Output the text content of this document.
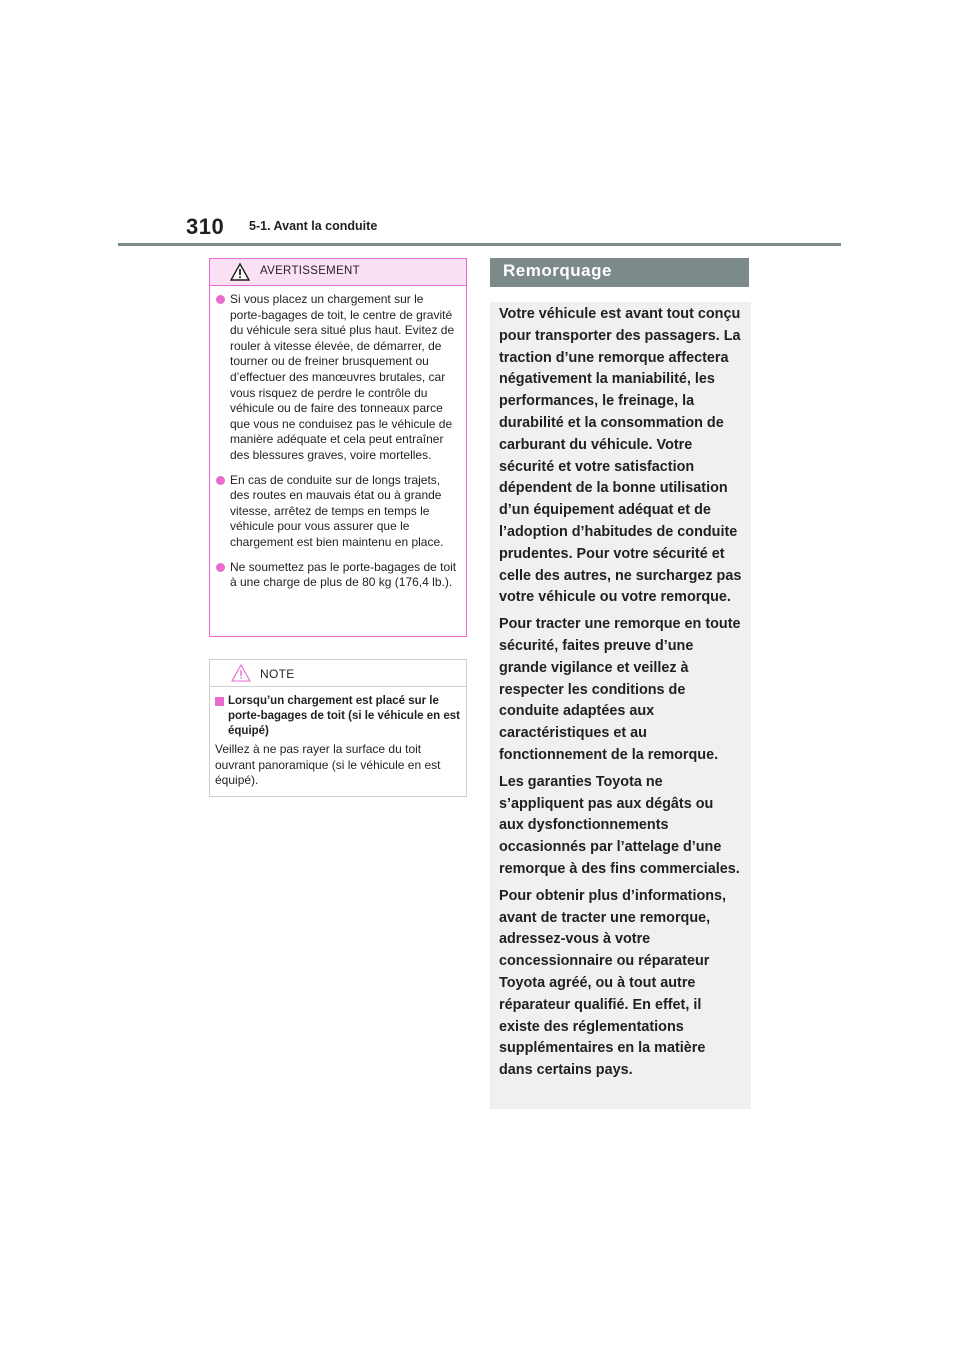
310 5-1. Avant la conduite
AVERTISSEMENT
Si vous placez un chargement sur le porte-bagages de toit, le centre de gravité du véhicule sera situé plus haut. Evitez de rouler à vitesse élevée, de démarrer, de tourner ou de freiner brusquement ou d’effectuer des manœuvres brutales, car vous risquez de perdre le contrôle du véhicule ou de faire des tonneaux parce que vous ne conduisez pas le véhicule de manière adéquate et cela peut entraîner des blessures graves, voire mortelles.
En cas de conduite sur de longs trajets, des routes en mauvais état ou à grande vitesse, arrêtez de temps en temps le véhicule pour vous assurer que le chargement est bien maintenu en place.
Ne soumettez pas le porte-bagages de toit à une charge de plus de 80 kg (176,4 lb.).
NOTE
Lorsqu’un chargement est placé sur le porte-bagages de toit (si le véhicule en est équipé)
Veillez à ne pas rayer la surface du toit ouvrant panoramique (si le véhicule en est équipé).
Remorquage

Votre véhicule est avant tout conçu pour transporter des passagers. La traction d’une remorque affectera négativement la maniabilité, les performances, le freinage, la durabilité et la consommation de carburant du véhicule. Votre sécurité et votre satisfaction dépendent de la bonne utilisation d’un équipement adéquat et de l’adoption d’habitudes de conduite prudentes. Pour votre sécurité et celle des autres, ne surchargez pas votre véhicule ou votre remorque.

Pour tracter une remorque en toute sécurité, faites preuve d’une grande vigilance et veillez à respecter les conditions de conduite adaptées aux caractéristiques et au fonctionnement de la remorque.

Les garanties Toyota ne s’appliquent pas aux dégâts ou aux dysfonctionnements occasionnés par l’attelage d’une remorque à des fins commerciales.

Pour obtenir plus d’informations, avant de tracter une remorque, adressez-vous à votre concessionnaire ou réparateur Toyota agréé, ou à tout autre réparateur qualifié. En effet, il existe des réglementations supplémentaires en la matière dans certains pays.
